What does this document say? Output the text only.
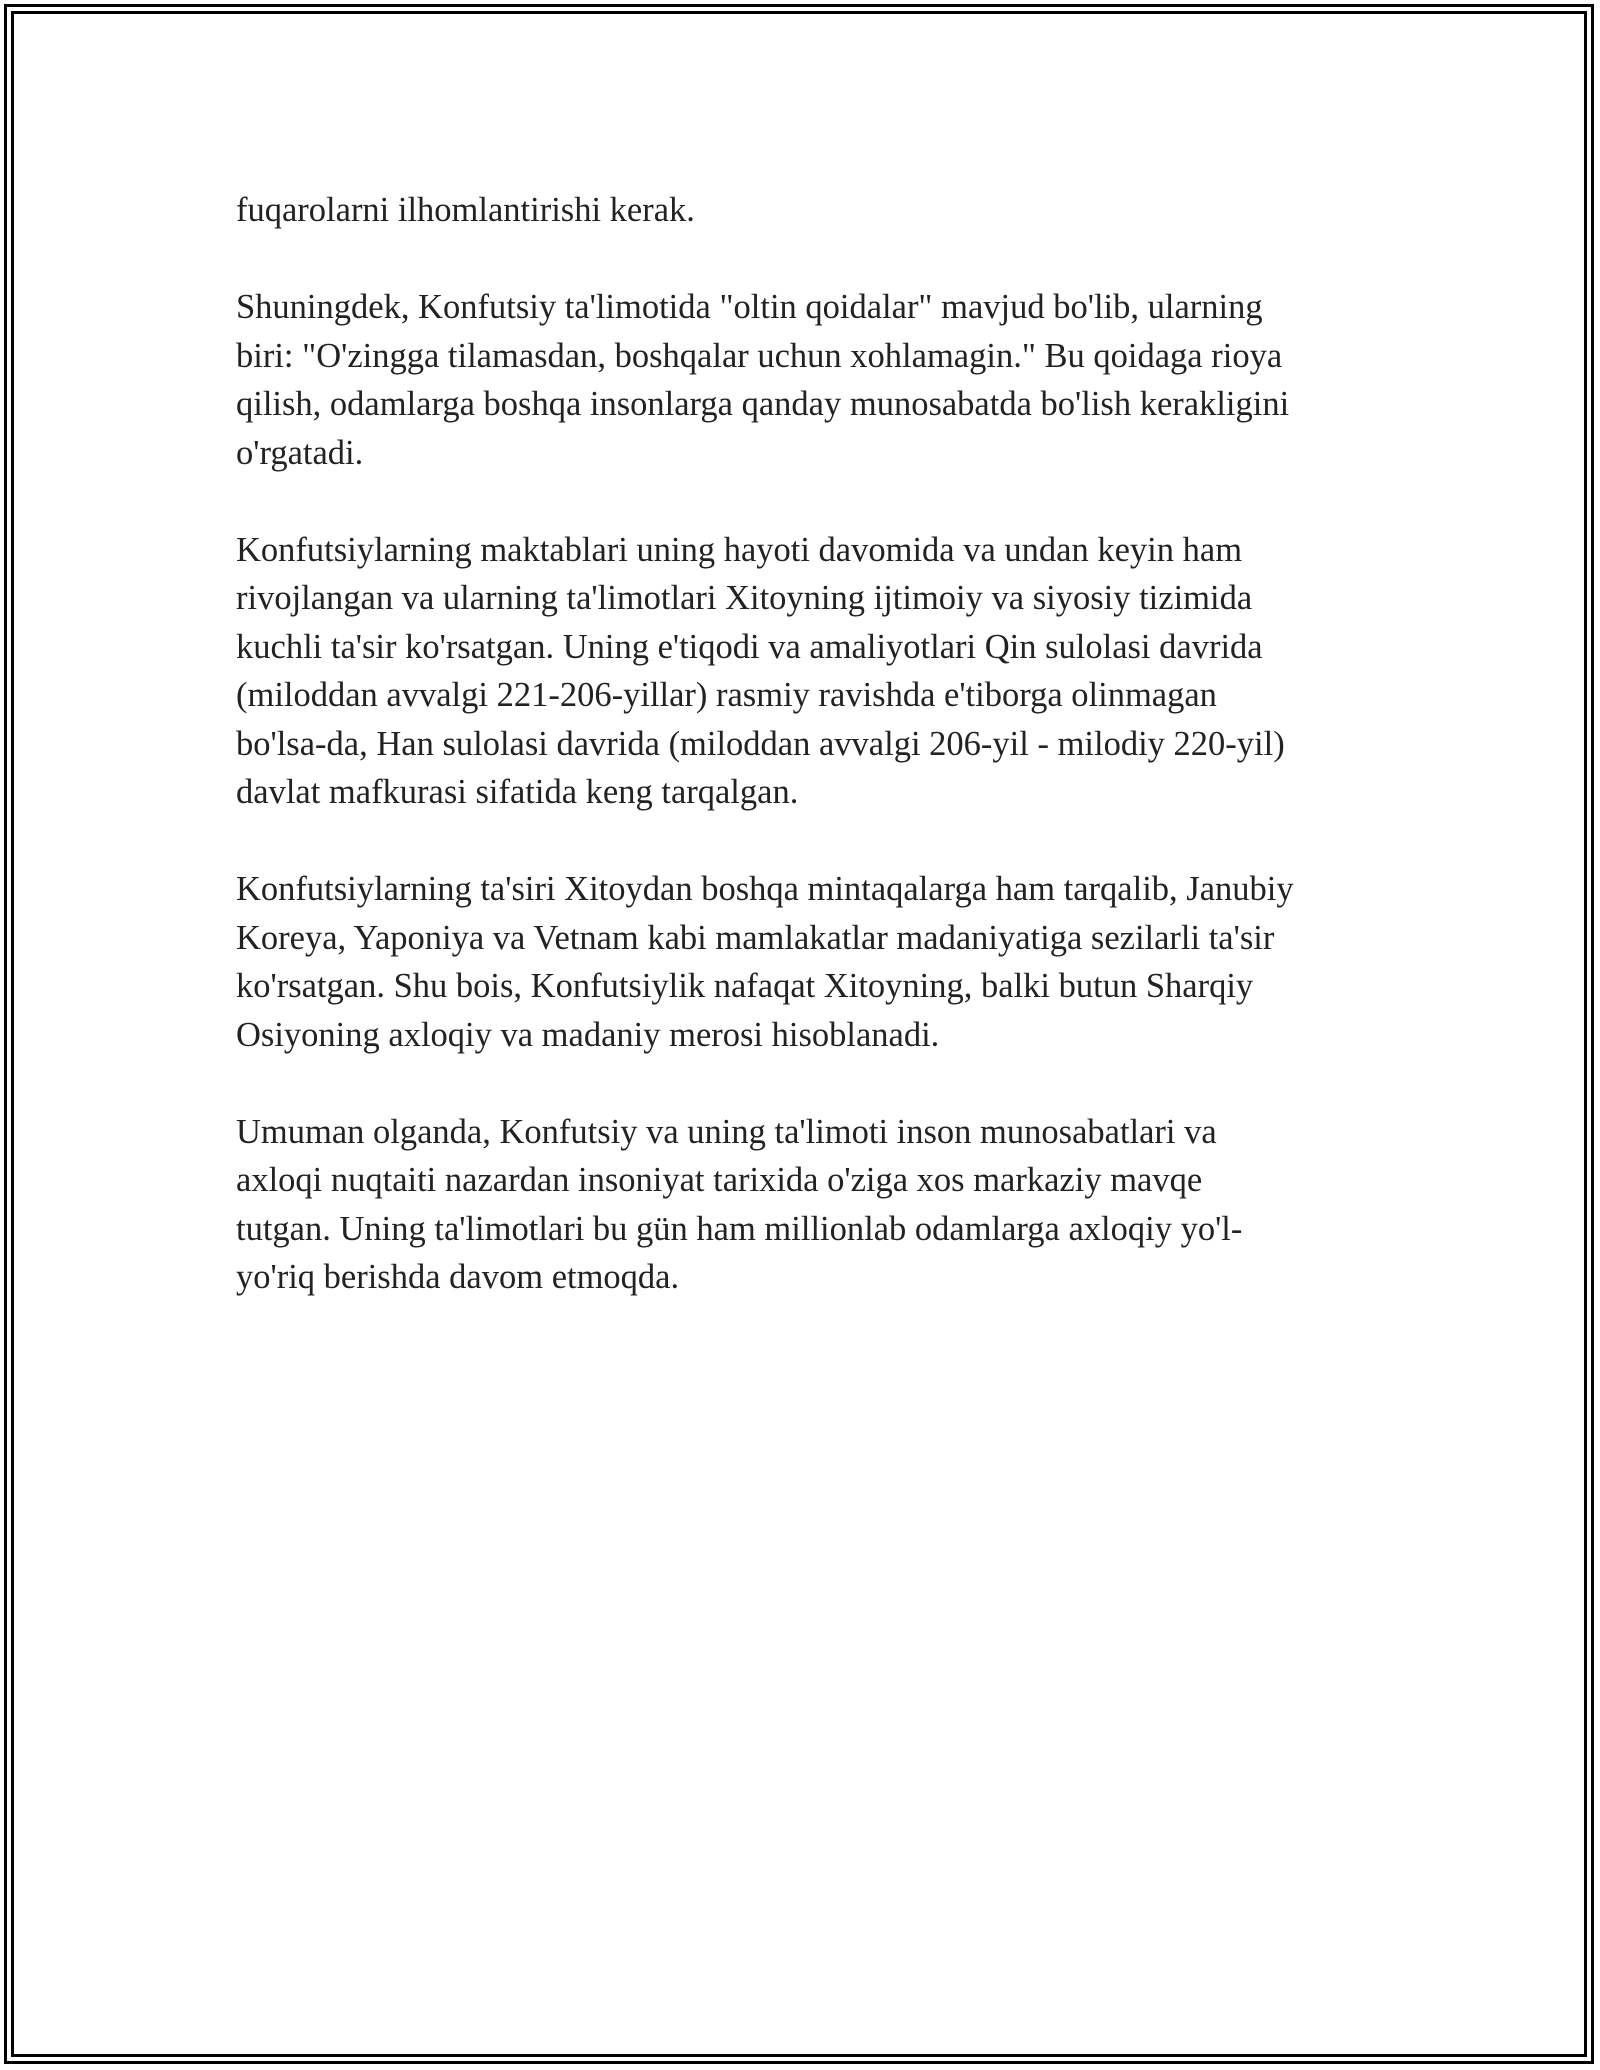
fuqarolarni ilhomlantirishi kerak.

Shuningdek, Konfutsiy ta'limotida "oltin qoidalar" mavjud bo'lib, ularning
biri: "O'zingga tilamasdan, boshqalar uchun xohlamagin." Bu qoidaga rioya
qilish, odamlarga boshqa insonlarga qanday munosabatda bo'lish kerakligini
o'rgatadi.

Konfutsiylarning maktablari uning hayoti davomida va undan keyin ham
rivojlangan va ularning ta'limotlari Xitoyning ijtimoiy va siyosiy tizimida
kuchli ta'sir ko'rsatgan. Uning e'tiqodi va amaliyotlari Qin sulolasi davrida
(miloddan avvalgi 221-206-yillar) rasmiy ravishda e'tiborga olinmagan
bo'lsa-da, Han sulolasi davrida (miloddan avvalgi 206-yil - milodiy 220-yil)
davlat mafkurasi sifatida keng tarqalgan.

Konfutsiylarning ta'siri Xitoydan boshqa mintaqalarga ham tarqalib, Janubiy
Koreya, Yaponiya va Vetnam kabi mamlakatlar madaniyatiga sezilarli ta'sir
ko'rsatgan. Shu bois, Konfutsiylik nafaqat Xitoyning, balki butun Sharqiy
Osiyoning axloqiy va madaniy merosi hisoblanadi.

Umuman olganda, Konfutsiy va uning ta'limoti inson munosabatlari va
axloqi nuqtaiti nazardan insoniyat tarixida o'ziga xos markaziy mavqe
tutgan. Uning ta'limotlari bu gün ham millionlab odamlarga axloqiy yo'l-
yo'riq berishda davom etmoqda.
